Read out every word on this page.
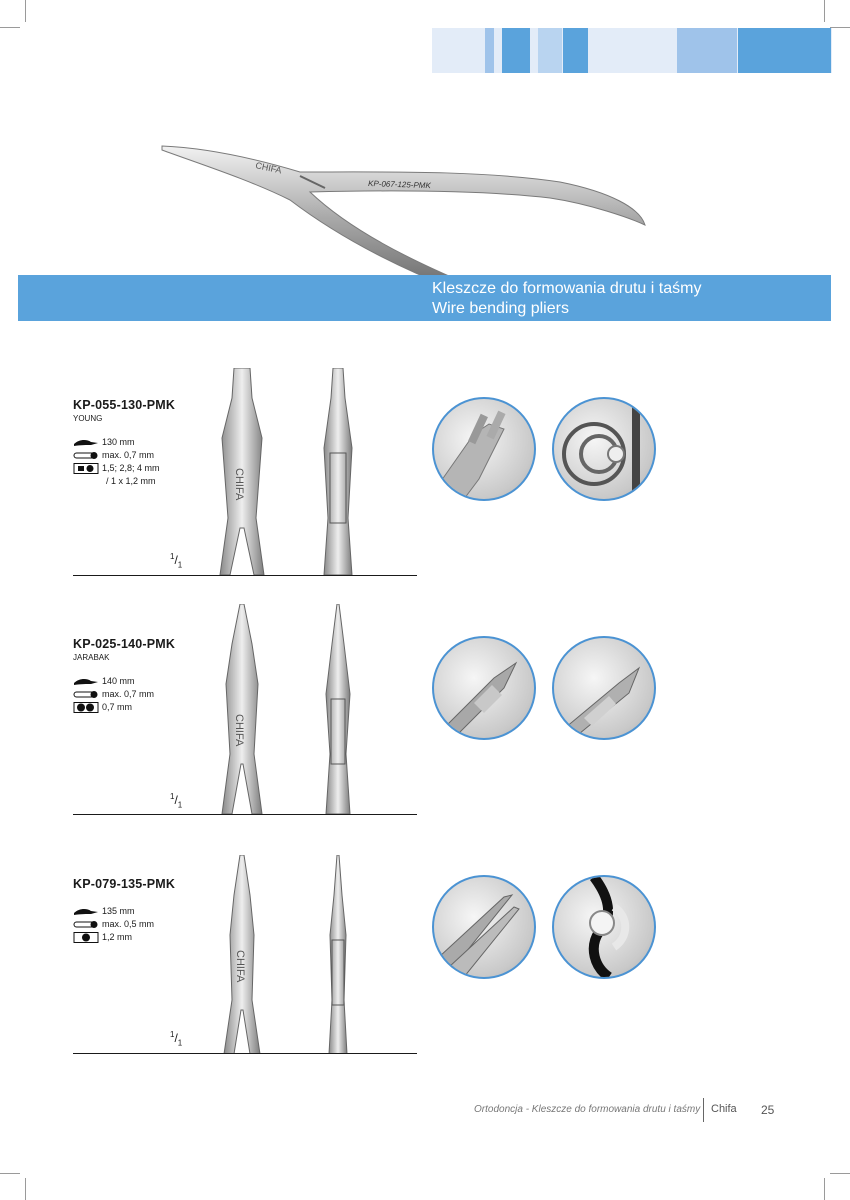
CHIFA
KP-067-125-PMK
Kleszcze do formowania drutu i taśmy
Wire bending pliers
KP-055-130-PMK
YOUNG
130 mm
max. 0,7 mm
1,5; 2,8; 4 mm
/ 1 x 1,2 mm
$^1/_1$
CHIFA
KP-025-140-PMK
JARABAK
140 mm
max. 0,7 mm
0,7 mm
$^1/_1$
CHIFA
KP-079-135-PMK
135 mm
max. 0,5 mm
1,2 mm
$^1/_1$
CHIFA
Ortodoncja - Kleszcze do formowania drutu i taśmy Chifa 25
